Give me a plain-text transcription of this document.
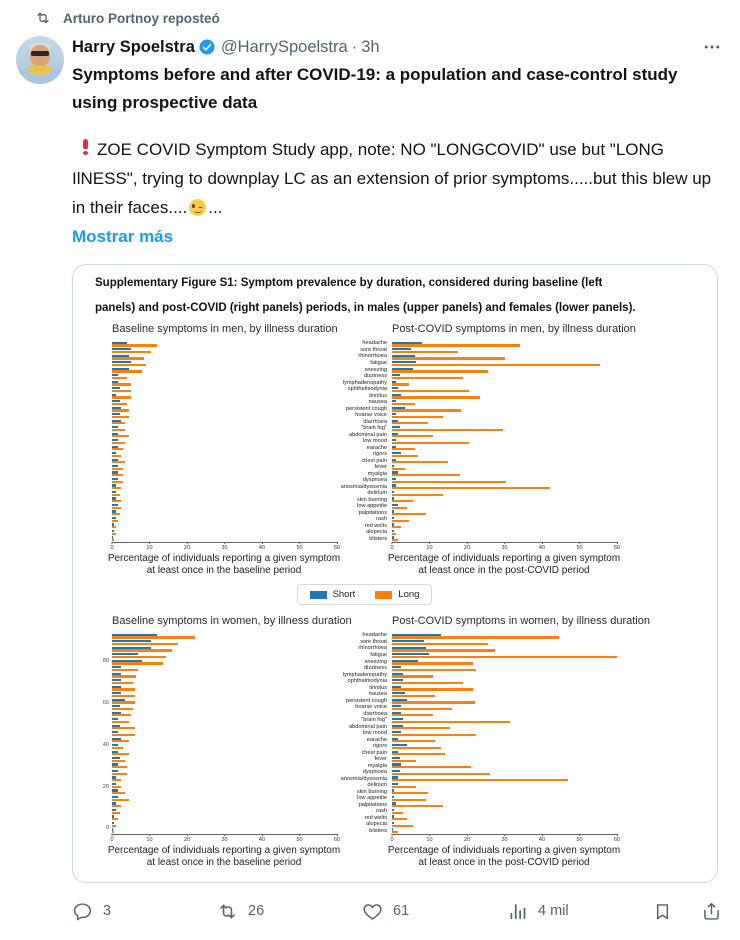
Arturo Portnoy reposteó
Harry Spoelstra @HarrySpoelstra · 3h
Symptoms before and after COVID-19: a population and case-control study using prospective data
ZOE COVID Symptom Study app, note: NO "LONGCOVID" use but "LONG IlNESS", trying to downplay LC as an extension of prior symptoms.....but this blew up in their faces.... ...
Mostrar más
Supplementary Figure S1: Symptom prevalence by duration, considered during baseline (left panels) and post-COVID (right panels) periods, in males (upper panels) and females (lower panels).
Baseline symptoms in men, by illness duration
0	10	20	30	40	50	60
Percentage of individuals reporting a given symptom
at least once in the baseline period
headache
sore throat
rhinorrhoea
fatigue
sneezing
dizziness
lymphadenopathy
ophthalmodynia
tinnitus
nausea
persistent cough
hoarse voice
diarrhoea
"brain fog"
abdominal pain
low mood
earache
rigors
chest pain
fever
myalgia
dyspnoea
anosmia/dysosmia
delirium
skin burning
low appetite
palpitations
rash
red welts
alopecia
blisters
Post-COVID symptoms in men, by illness duration
0	10	20	30	40	50	60
Percentage of individuals reporting a given symptom
at least once in the post-COVID period
Short	Long
Baseline symptoms in women, by illness duration
0	10	20	30	40	50	60
80
60
40
20
0
Percentage of individuals reporting a given symptom
at least once in the baseline period
headache
sore throat
rhinorrhoea
fatigue
sneezing
dizziness
lymphadenopathy
ophthalmodynia
tinnitus
nausea
persistent cough
hoarse voice
diarrhoea
"brain fog"
abdominal pain
low mood
earache
rigors
chest pain
fever
myalgia
dyspnoea
anosmia/dysosmia
delirium
skin burning
low appetite
palpitations
rash
red welts
alopecia
blisters
Post-COVID symptoms in women, by illness duration
0	10	20	30	40	50	60
Percentage of individuals reporting a given symptom
at least once in the post-COVID period
3	26	61	4 mil
